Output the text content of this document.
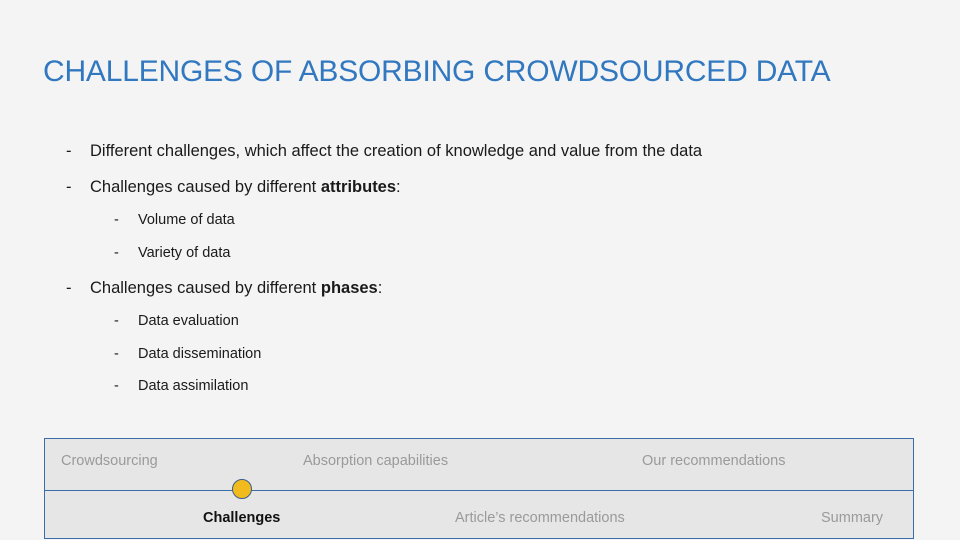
CHALLENGES OF ABSORBING CROWDSOURCED DATA
-	Different challenges, which affect the creation of knowledge and value from the data
-	Challenges caused by different attributes:
-	Volume of data
-	Variety of data
-	Challenges caused by different phases:
-	Data evaluation
-	Data dissemination
-	Data assimilation
Crowdsourcing	Absorption capabilities	Our recommendations
Challenges	Article’s recommendations	Summary
